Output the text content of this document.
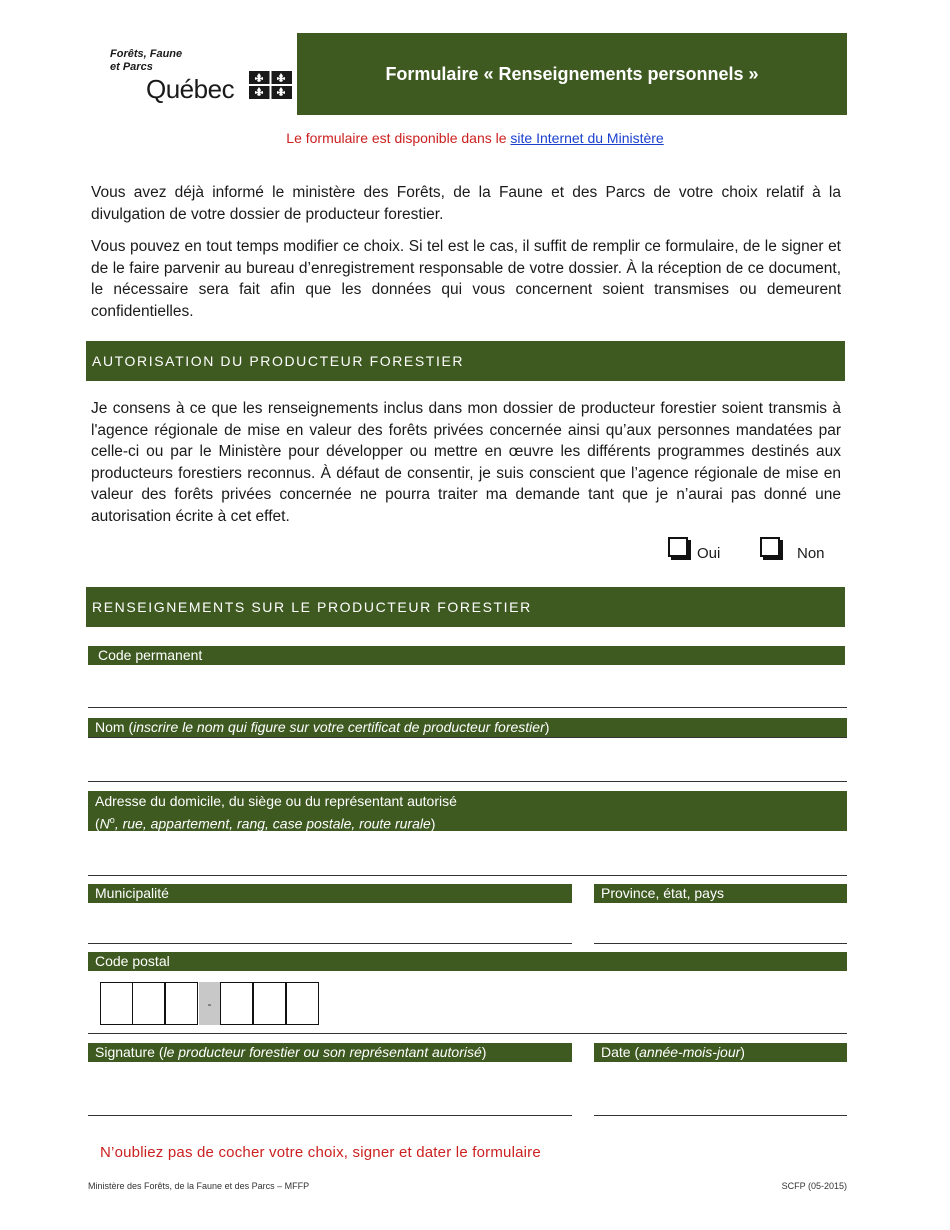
Forêts, Faune
et Parcs
Québec
Formulaire « Renseignements personnels »
Le formulaire est disponible dans le site Internet du Ministère
Vous avez déjà informé le ministère des Forêts, de la Faune et des Parcs de votre choix relatif à la divulgation de votre dossier de producteur forestier.
Vous pouvez en tout temps modifier ce choix. Si tel est le cas, il suffit de remplir ce formulaire, de le signer et de le faire parvenir au bureau d’enregistrement responsable de votre dossier. À la réception de ce document, le nécessaire sera fait afin que les données qui vous concernent soient transmises ou demeurent confidentielles.
AUTORISATION DU PRODUCTEUR FORESTIER
Je consens à ce que les renseignements inclus dans mon dossier de producteur forestier soient transmis à l'agence régionale de mise en valeur des forêts privées concernée ainsi qu’aux personnes mandatées par celle-ci ou par le Ministère pour développer ou mettre en œuvre les différents programmes destinés aux producteurs forestiers reconnus. À défaut de consentir, je suis conscient que l’agence régionale de mise en valeur des forêts privées concernée ne pourra traiter ma demande tant que je n’aurai pas donné une autorisation écrite à cet effet.
Oui	Non
RENSEIGNEMENTS SUR LE PRODUCTEUR FORESTIER
Code permanent
Nom (inscrire le nom qui figure sur votre certificat de producteur forestier)
Adresse du domicile, du siège ou du représentant autorisé
($N^o$, rue, appartement, rang, case postale, route rurale)
Municipalité	Province, état, pays
Code postal
-
Signature (le producteur forestier ou son représentant autorisé)	Date (année-mois-jour)
N’oubliez pas de cocher votre choix, signer et dater le formulaire
Ministère des Forêts, de la Faune et des Parcs – MFFP	SCFP (05-2015)
